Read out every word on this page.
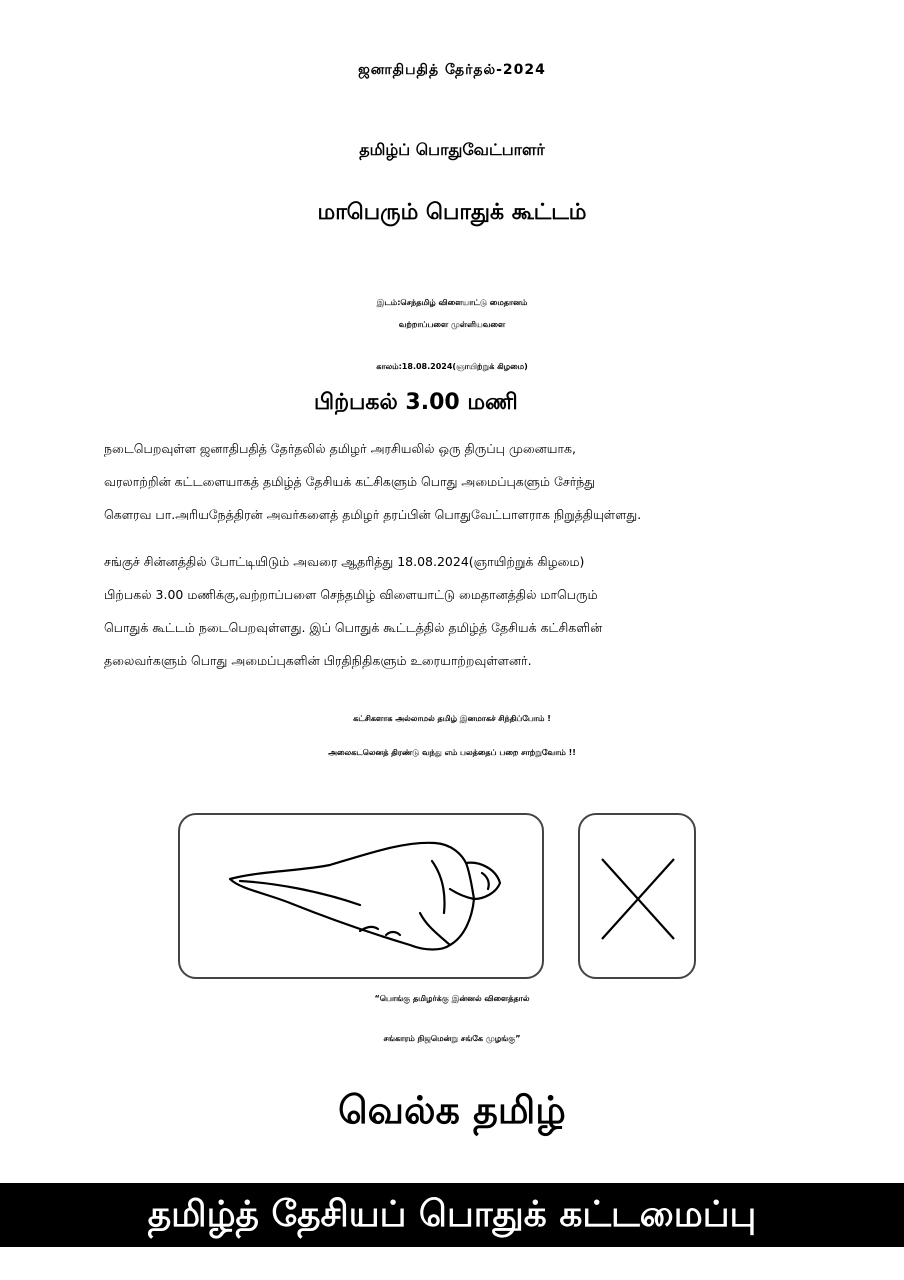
ஜனாதிபதித் தேர்தல்-2024
தமிழ்ப் பொதுவேட்பாளர்
மாபெரும் பொதுக் கூட்டம்
இடம்:செந்தமிழ் விளையாட்டு மைதானம்
வற்றாப்பளை முள்ளியவளை
காலம்:18.08.2024(ஞாயிற்றுக் கிழமை)
பிற்பகல் 3.00 மணி

நடைபெறவுள்ள ஜனாதிபதித் தேர்தலில் தமிழர் அரசியலில் ஒரு திருப்பு முனையாக,

வரலாற்றின் கட்டளையாகத் தமிழ்த் தேசியக் கட்சிகளும் பொது அமைப்புகளும் சேர்ந்து

கௌரவ பா.அரியநேத்திரன் அவர்களைத் தமிழர் தரப்பின் பொதுவேட்பாளராக நிறுத்தியுள்ளது.

சங்குச் சின்னத்தில் போட்டியிடும் அவரை ஆதரித்து 18.08.2024(ஞாயிற்றுக் கிழமை)

பிற்பகல் 3.00 மணிக்கு,வற்றாப்பளை செந்தமிழ் விளையாட்டு மைதானத்தில் மாபெரும்

பொதுக் கூட்டம் நடைபெறவுள்ளது. இப் பொதுக் கூட்டத்தில் தமிழ்த் தேசியக் கட்சிகளின்

தலைவர்களும் பொது அமைப்புகளின் பிரதிநிதிகளும் உரையாற்றவுள்ளனர்.

கட்சிகளாக அல்லாமல் தமிழ் இனமாகச் சிந்திப்போம் !
அலைகடலெனத் திரண்டு வந்து எம் பலத்தைப் பறை சாற்றுவோம் !!
“பொங்கு தமிழர்க்கு இன்னல் விளைத்தால்
சங்காரம் நிஜமென்று சங்கே முழங்கு”
வெல்க தமிழ்
தமிழ்த் தேசியப் பொதுக் கட்டமைப்பு
